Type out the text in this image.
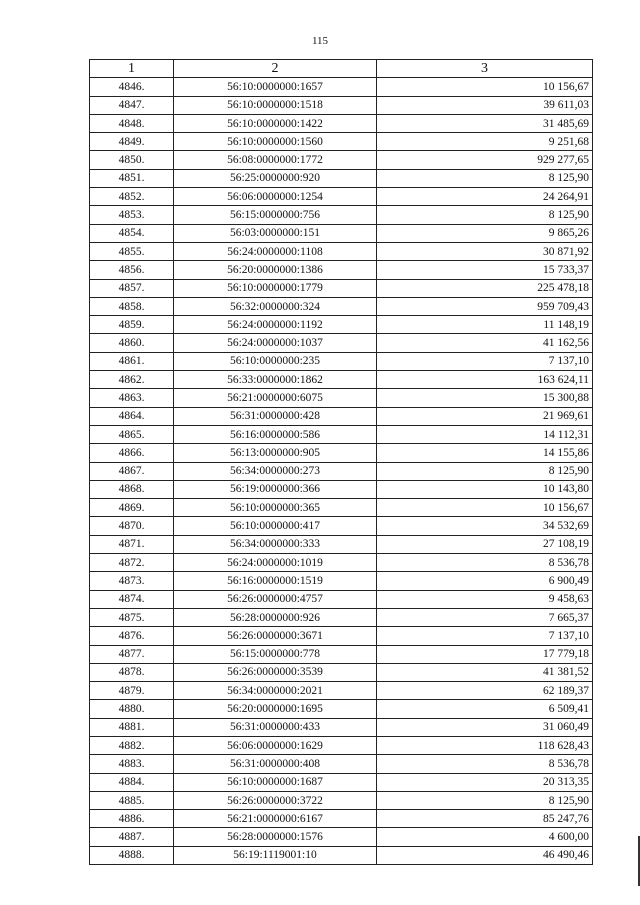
115
1	2	3
4846.	56:10:0000000:1657	10 156,67
4847.	56:10:0000000:1518	39 611,03
4848.	56:10:0000000:1422	31 485,69
4849.	56:10:0000000:1560	9 251,68
4850.	56:08:0000000:1772	929 277,65
4851.	56:25:0000000:920	8 125,90
4852.	56:06:0000000:1254	24 264,91
4853.	56:15:0000000:756	8 125,90
4854.	56:03:0000000:151	9 865,26
4855.	56:24:0000000:1108	30 871,92
4856.	56:20:0000000:1386	15 733,37
4857.	56:10:0000000:1779	225 478,18
4858.	56:32:0000000:324	959 709,43
4859.	56:24:0000000:1192	11 148,19
4860.	56:24:0000000:1037	41 162,56
4861.	56:10:0000000:235	7 137,10
4862.	56:33:0000000:1862	163 624,11
4863.	56:21:0000000:6075	15 300,88
4864.	56:31:0000000:428	21 969,61
4865.	56:16:0000000:586	14 112,31
4866.	56:13:0000000:905	14 155,86
4867.	56:34:0000000:273	8 125,90
4868.	56:19:0000000:366	10 143,80
4869.	56:10:0000000:365	10 156,67
4870.	56:10:0000000:417	34 532,69
4871.	56:34:0000000:333	27 108,19
4872.	56:24:0000000:1019	8 536,78
4873.	56:16:0000000:1519	6 900,49
4874.	56:26:0000000:4757	9 458,63
4875.	56:28:0000000:926	7 665,37
4876.	56:26:0000000:3671	7 137,10
4877.	56:15:0000000:778	17 779,18
4878.	56:26:0000000:3539	41 381,52
4879.	56:34:0000000:2021	62 189,37
4880.	56:20:0000000:1695	6 509,41
4881.	56:31:0000000:433	31 060,49
4882.	56:06:0000000:1629	118 628,43
4883.	56:31:0000000:408	8 536,78
4884.	56:10:0000000:1687	20 313,35
4885.	56:26:0000000:3722	8 125,90
4886.	56:21:0000000:6167	85 247,76
4887.	56:28:0000000:1576	4 600,00
4888.	56:19:1119001:10	46 490,46
